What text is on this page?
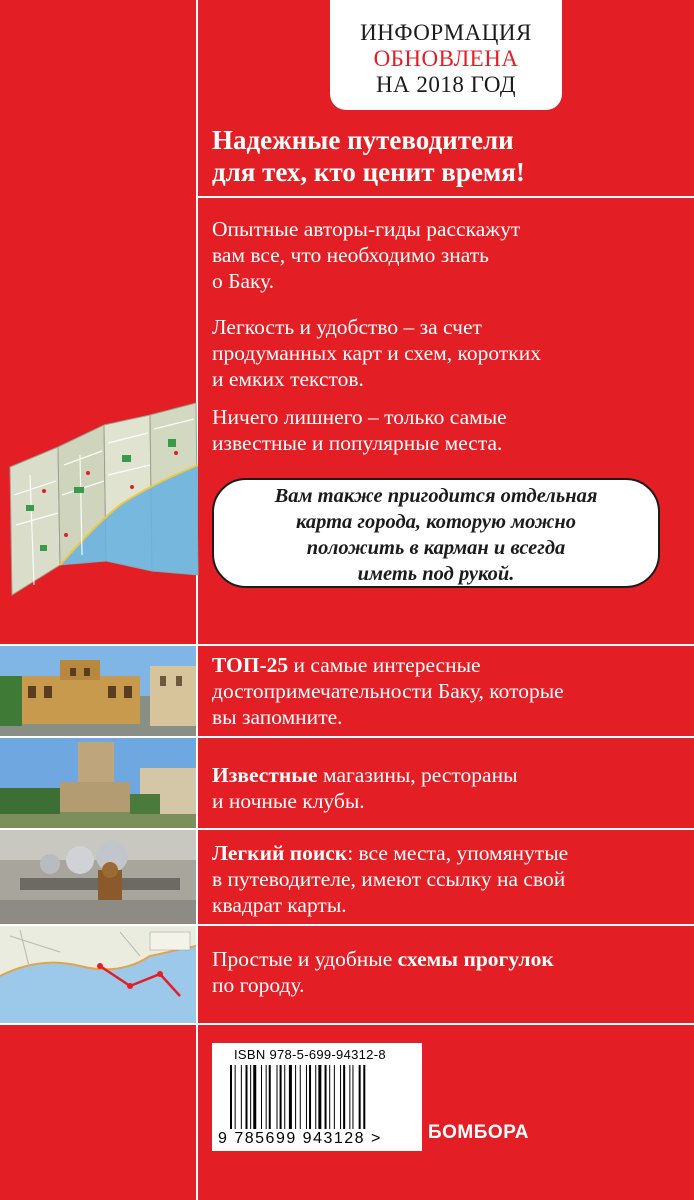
ИНФОРМАЦИЯ
ОБНОВЛЕНА
НА 2018 ГОД
Надежные путеводители
для тех, кто ценит время!
Опытные авторы-гиды расскажут
вам все, что необходимо знать
о Баку.
Легкость и удобство – за счет
продуманных карт и схем, коротких
и емких текстов.
Ничего лишнего – только самые
известные и популярные места.
Вам также пригодится отдельная
карта города, которую можно
положить в карман и всегда
иметь под рукой.
ТОП-25 и самые интересные
достопримечательности Баку, которые
вы запомните.
Известные магазины, рестораны
и ночные клубы.
Легкий поиск: все места, упомянутые
в путеводителе, имеют ссылку на свой
квадрат карты.
Простые и удобные схемы прогулок
по городу.
ISBN 978-5-699-94312-8
9 785699 943128 > БОМБОРА
